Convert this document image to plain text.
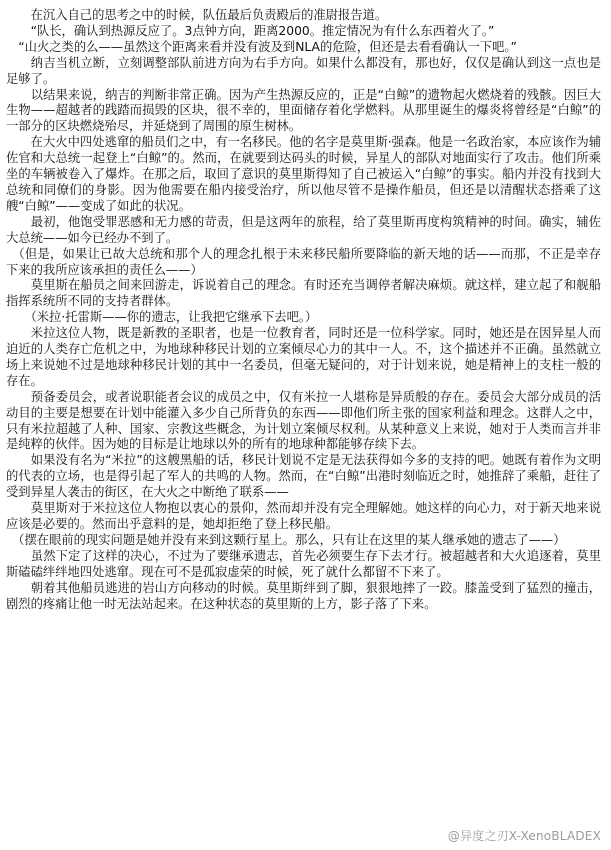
　　在沉入自己的思考之中的时候，队伍最后负责殿后的准尉报告道。

　　“队长，确认到热源反应了。3点钟方向，距离2000。推定情况为有什么东西着火了。”

　“山火之类的么——虽然这个距离来看并没有波及到NLA的危险，但还是去看看确认一下吧。”

　　纳吉当机立断，立刻调整部队前进方向为右手方向。如果什么都没有，那也好，仅仅是确认到这一点也是足够了。

　　以结果来说，纳吉的判断非常正确。因为产生热源反应的，正是“白鲸”的遗物起火燃烧着的残骸。因巨大生物——超越者的践踏而损毁的区块，很不幸的，里面储存着化学燃料。从那里诞生的爆炎将曾经是“白鲸”的一部分的区块燃烧殆尽，并延烧到了周围的原生树林。

　　在大火中四处逃窜的船员们之中，有一名移民。他的名字是莫里斯·强森。他是一名政治家，本应该作为辅佐官和大总统一起登上“白鲸”的。然而，在就要到达码头的时候，异星人的部队对地面实行了攻击。他们所乘坐的车辆被卷入了爆炸。在那之后，取回了意识的莫里斯得知了自己被运入“白鲸”的事实。船内并没有找到大总统和同僚们的身影。因为他需要在船内接受治疗，所以他尽管不是操作船员，但还是以清醒状态搭乘了这艘“白鲸”——变成了如此的状况。

　　最初，他饱受罪恶感和无力感的苛责，但是这两年的旅程，给了莫里斯再度构筑精神的时间。确实，辅佐大总统——如今已经办不到了。

　（但是，如果让已故大总统和那个人的理念扎根于未来移民船所要降临的新天地的话——而那，不正是幸存下来的我所应该承担的责任么——）

　　莫里斯在船员之间来回游走，诉说着自己的理念。有时还充当调停者解决麻烦。就这样，建立起了和舰船指挥系统所不同的支持者群体。

　　（米拉·托雷斯——你的遗志，让我把它继承下去吧。）

　　米拉这位人物，既是新教的圣职者，也是一位教育者，同时还是一位科学家。同时，她还是在因异星人而迫近的人类存亡危机之中，为地球种移民计划的立案倾尽心力的其中一人。不，这个描述并不正确。虽然就立场上来说她不过是地球种移民计划的其中一名委员，但毫无疑问的，对于计划来说，她是精神上的支柱一般的存在。

　　预备委员会，或者说职能者会议的成员之中，仅有米拉一人堪称是异质般的存在。委员会大部分成员的活动目的主要是想要在计划中能灌入多少自己所背负的东西——即他们所主张的国家利益和理念。这群人之中，只有米拉超越了人种、国家、宗教这些概念，为计划立案倾尽权利。从某种意义上来说，她对于人类而言并非是纯粹的伙伴。因为她的目标是让地球以外的所有的地球种都能够存续下去。

　　如果没有名为“米拉”的这艘黑船的话，移民计划说不定是无法获得如今多的支持的吧。她既有着作为文明的代表的立场，也是得引起了军人的共鸣的人物。然而，在“白鲸”出港时刻临近之时，她推辞了乘船，赶往了受到异星人袭击的街区，在大火之中断绝了联系——

　　莫里斯对于米拉这位人物抱以衷心的景仰，然而却并没有完全理解她。她这样的向心力，对于新天地来说应该是必要的。然而出乎意料的是，她却拒绝了登上移民船。

　（摆在眼前的现实问题是她并没有来到这颗行星上。那么，只有让在这里的某人继承她的遗志了——）

　　虽然下定了这样的决心，不过为了要继承遗志，首先必须要生存下去才行。被超越者和大火追逐着，莫里斯磕磕绊绊地四处逃窜。现在可不是孤寂虚荣的时候，死了就什么都留不下来了。

　　朝着其他船员逃进的岩山方向移动的时候。莫里斯绊到了脚，狠狠地摔了一跤。膝盖受到了猛烈的撞击，剧烈的疼痛让他一时无法站起来。在这种状态的莫里斯的上方，影子落了下来。

@异度之刃X-XenoBLADEX
